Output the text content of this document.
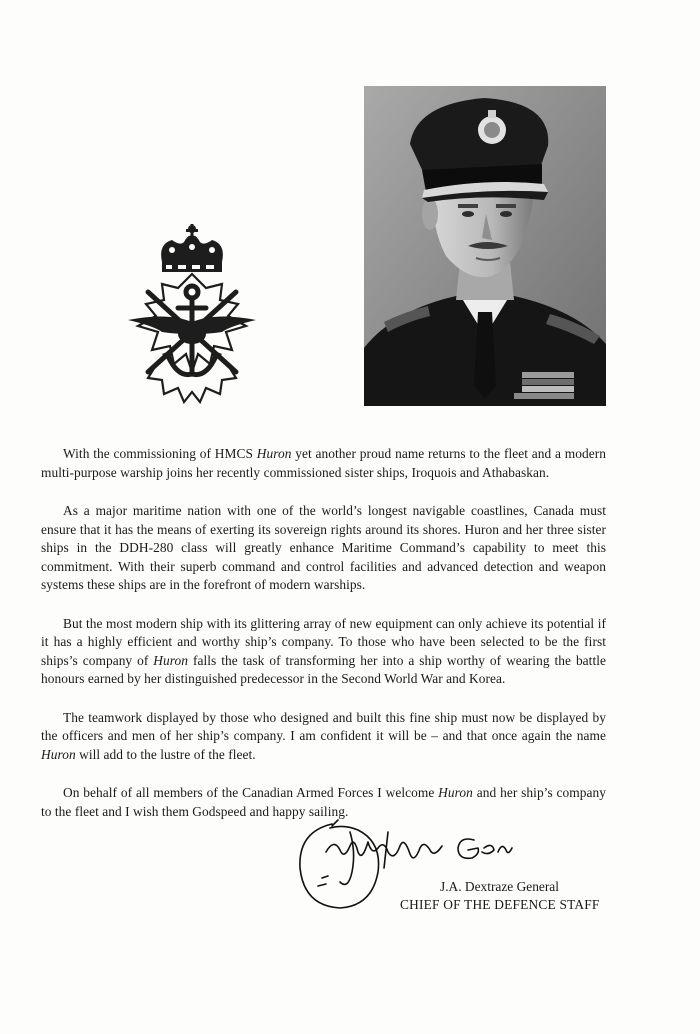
With the commissioning of HMCS Huron yet another proud name returns to the fleet and a modern multi-purpose warship joins her recently commissioned sister ships, Iroquois and Athabaskan.

As a major maritime nation with one of the world’s longest navigable coastlines, Canada must ensure that it has the means of exerting its sovereign rights around its shores. Huron and her three sister ships in the DDH-280 class will greatly enhance Maritime Command’s capability to meet this commitment. With their superb command and control facilities and advanced detection and weapon systems these ships are in the forefront of modern warships.

But the most modern ship with its glittering array of new equipment can only achieve its potential if it has a highly efficient and worthy ship’s company. To those who have been selected to be the first ships’s company of Huron falls the task of transforming her into a ship worthy of wearing the battle honours earned by her distinguished predecessor in the Second World War and Korea.

The teamwork displayed by those who designed and built this fine ship must now be displayed by the officers and men of her ship’s company. I am confident it will be – and that once again the name Huron will add to the lustre of the fleet.

On behalf of all members of the Canadian Armed Forces I welcome Huron and her ship’s company to the fleet and I wish them Godspeed and happy sailing.

J.A. Dextraze General
CHIEF OF THE DEFENCE STAFF
